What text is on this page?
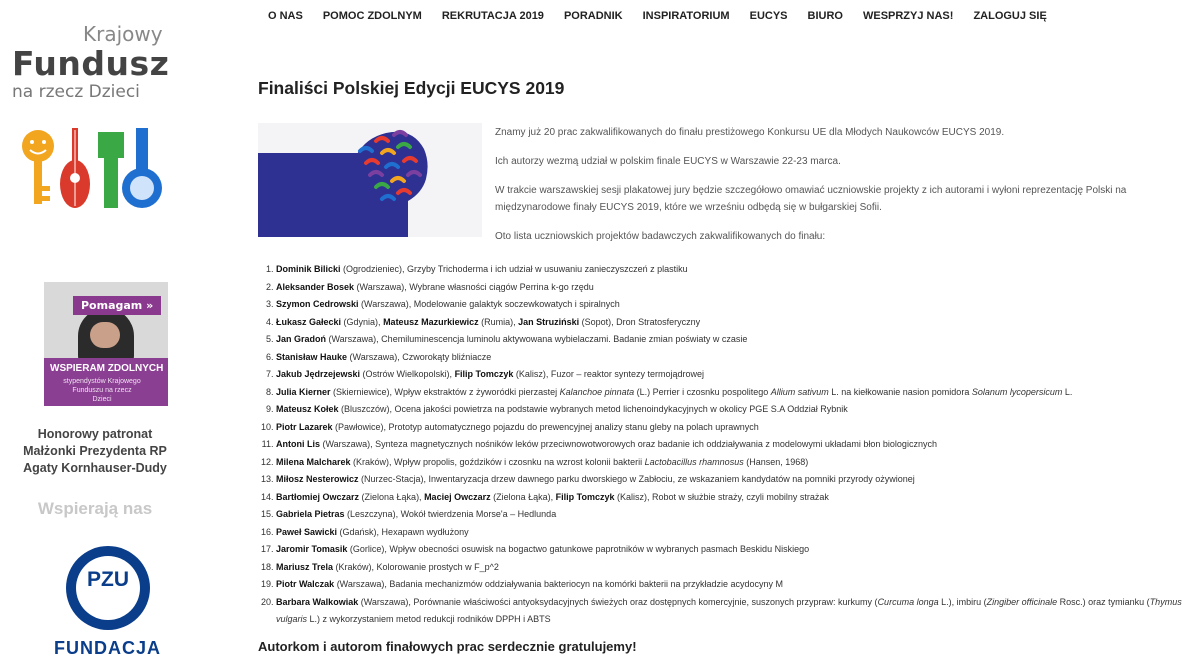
Krajowy
Fundusz
na rzecz Dzieci
Pomagam »
WSPIERAM ZDOLNYCH
stypendystów Krajowego Funduszu na rzecz Dzieci
Honorowy patronat
Małżonki Prezydenta RP
Agaty Kornhauser-Dudy
Wspierają nas
PZU
FUNDACJA
O NAS	POMOC ZDOLNYM	REKRUTACJA 2019	PORADNIK	INSPIRATORIUM	EUCYS	BIURO	WESPRZYJ NAS!	ZALOGUJ SIĘ
Finaliści Polskiej Edycji EUCYS 2019

Znamy już 20 prac zakwalifikowanych do finału prestiżowego Konkursu UE dla Młodych Naukowców EUCYS 2019.

Ich autorzy wezmą udział w polskim finale EUCYS w Warszawie 22-23 marca.

W trakcie warszawskiej sesji plakatowej jury będzie szczegółowo omawiać uczniowskie projekty z ich autorami i wyłoni reprezentację Polski na międzynarodowe finały EUCYS 2019, które we wrześniu odbędą się w bułgarskiej Sofii.

Oto lista uczniowskich projektów badawczych zakwalifikowanych do finału:

1. Dominik Bilicki (Ogrodzieniec), Grzyby Trichoderma i ich udział w usuwaniu zanieczyszczeń z plastiku
2. Aleksander Bosek (Warszawa), Wybrane własności ciągów Perrina k-go rzędu
3. Szymon Cedrowski (Warszawa), Modelowanie galaktyk soczewkowatych i spiralnych
4. Łukasz Gałecki (Gdynia), Mateusz Mazurkiewicz (Rumia), Jan Struziński (Sopot), Dron Stratosferyczny
5. Jan Gradoń (Warszawa), Chemiluminescencja luminolu aktywowana wybielaczami. Badanie zmian poświaty w czasie
6. Stanisław Hauke (Warszawa), Czworokąty bliźniacze
7. Jakub Jędrzejewski (Ostrów Wielkopolski), Filip Tomczyk (Kalisz), Fuzor – reaktor syntezy termojądrowej
8. Julia Kierner (Skierniewice), Wpływ ekstraktów z żyworódki pierzastej Kalanchoe pinnata (L.) Perrier i czosnku pospolitego Allium sativum L. na kiełkowanie nasion pomidora Solanum lycopersicum L.
9. Mateusz Kołek (Bluszczów), Ocena jakości powietrza na podstawie wybranych metod lichenoindykacyjnych w okolicy PGE S.A Oddział Rybnik
10. Piotr Lazarek (Pawłowice), Prototyp automatycznego pojazdu do prewencyjnej analizy stanu gleby na polach uprawnych
11. Antoni Lis (Warszawa), Synteza magnetycznych nośników leków przeciwnowotworowych oraz badanie ich oddziaływania z modelowymi układami błon biologicznych
12. Milena Malcharek (Kraków), Wpływ propolis, goździków i czosnku na wzrost kolonii bakterii Lactobacillus rhamnosus (Hansen, 1968)
13. Miłosz Nesterowicz (Nurzec-Stacja), Inwentaryzacja drzew dawnego parku dworskiego w Zabłociu, ze wskazaniem kandydatów na pomniki przyrody ożywionej
14. Bartłomiej Owczarz (Zielona Łąka), Maciej Owczarz (Zielona Łąka), Filip Tomczyk (Kalisz), Robot w służbie straży, czyli mobilny strażak
15. Gabriela Pietras (Leszczyna), Wokół twierdzenia Morse'a – Hedlunda
16. Paweł Sawicki (Gdańsk), Hexapawn wydłużony
17. Jaromir Tomasik (Gorlice), Wpływ obecności osuwisk na bogactwo gatunkowe paprotników w wybranych pasmach Beskidu Niskiego
18. Mariusz Trela (Kraków), Kolorowanie prostych w F_p^2
19. Piotr Walczak (Warszawa), Badania mechanizmów oddziaływania bakteriocyn na komórki bakterii na przykładzie acydocyny M
20. Barbara Walkowiak (Warszawa), Porównanie właściwości antyoksydacyjnych świeżych oraz dostępnych komercyjnie, suszonych przypraw: kurkumy (Curcuma longa L.), imbiru (Zingiber officinale Rosc.) oraz tymianku (Thymus vulgaris L.) z wykorzystaniem metod redukcji rodników DPPH i ABTS
Autorkom i autorom finałowych prac serdecznie gratulujemy!
